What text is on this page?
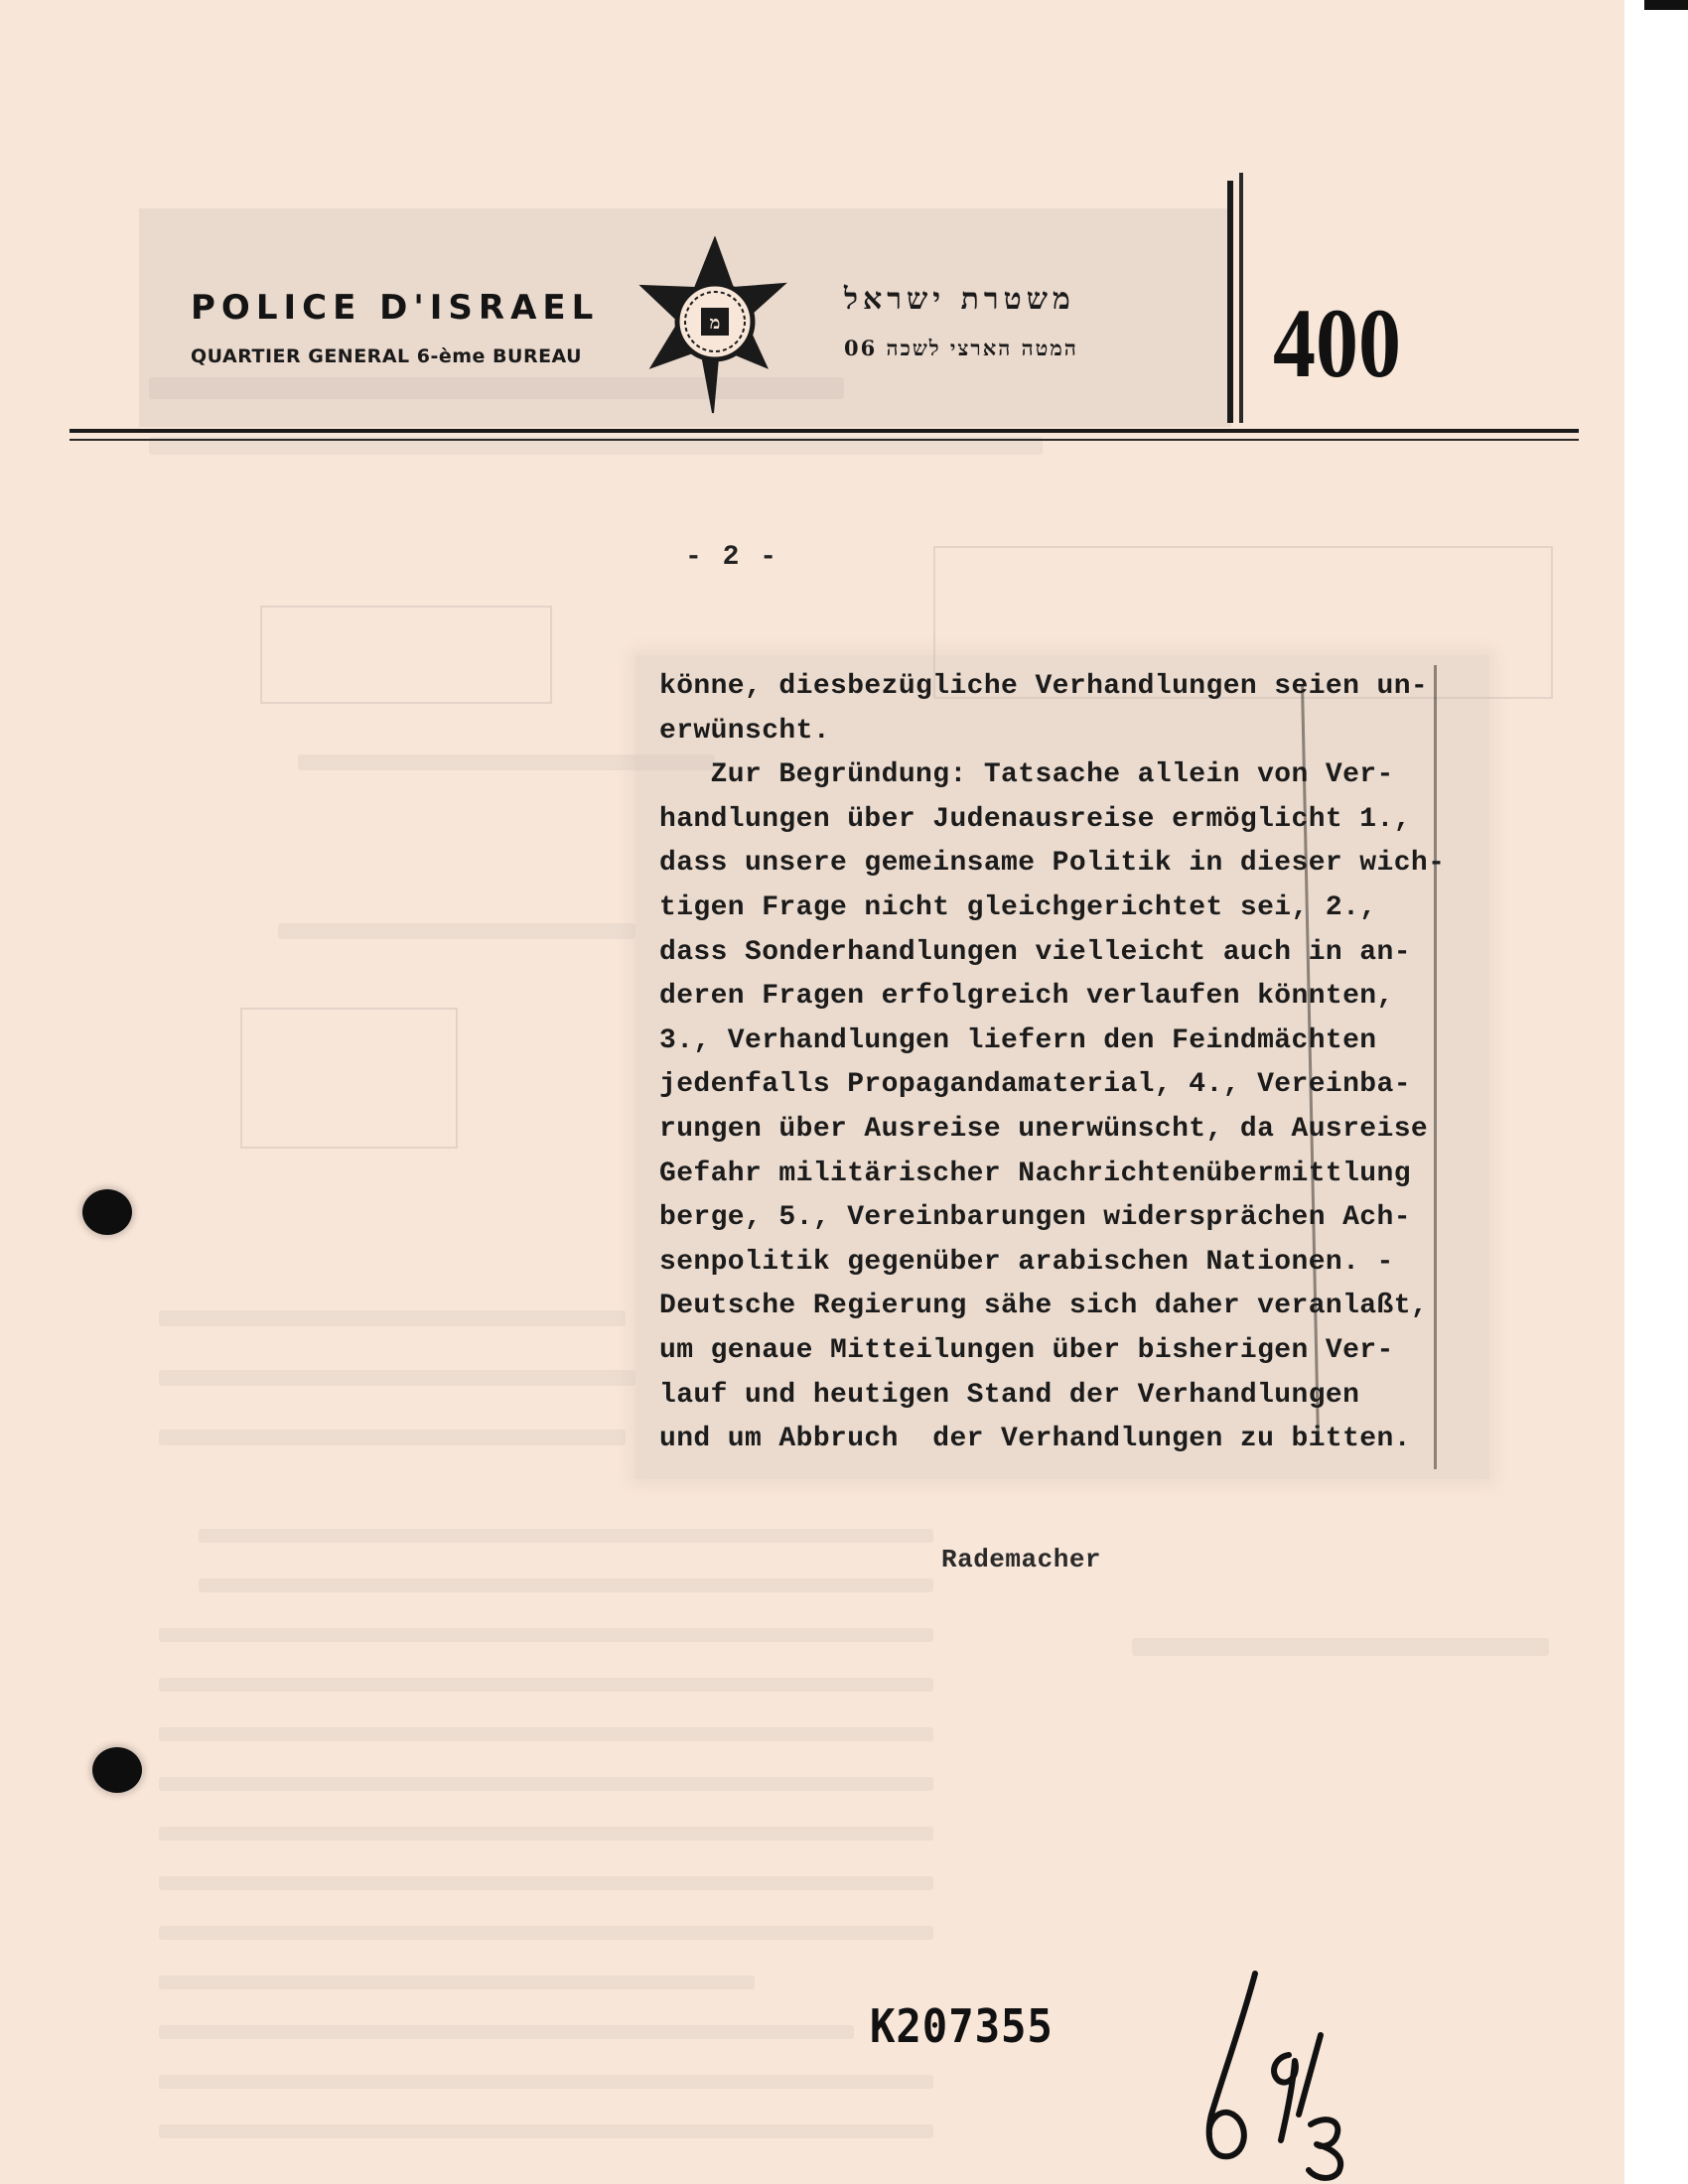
POLICE D'ISRAEL
QUARTIER GENERAL 6-ème BUREAU
מ
משטרת ישראל
המטה הארצי לשכה 06	400
- 2 -
könne, diesbezügliche Verhandlungen seien un-
erwünscht.
Zur Begründung: Tatsache allein von Ver-
handlungen über Judenausreise ermöglicht 1.,
dass unsere gemeinsame Politik in dieser wich-
tigen Frage nicht gleichgerichtet sei, 2.,
dass Sonderhandlungen vielleicht auch in an-
deren Fragen erfolgreich verlaufen könnten,
3., Verhandlungen liefern den Feindmächten
jedenfalls Propagandamaterial, 4., Vereinba-
rungen über Ausreise unerwünscht, da Ausreise
Gefahr militärischer Nachrichtenübermittlung
berge, 5., Vereinbarungen widersprächen Ach-
senpolitik gegenüber arabischen Nationen. -
Deutsche Regierung sähe sich daher veranlaßt,
um genaue Mitteilungen über bisherigen Ver-
lauf und heutigen Stand der Verhandlungen
und um Abbruch  der Verhandlungen zu bitten.
Rademacher
K207355
